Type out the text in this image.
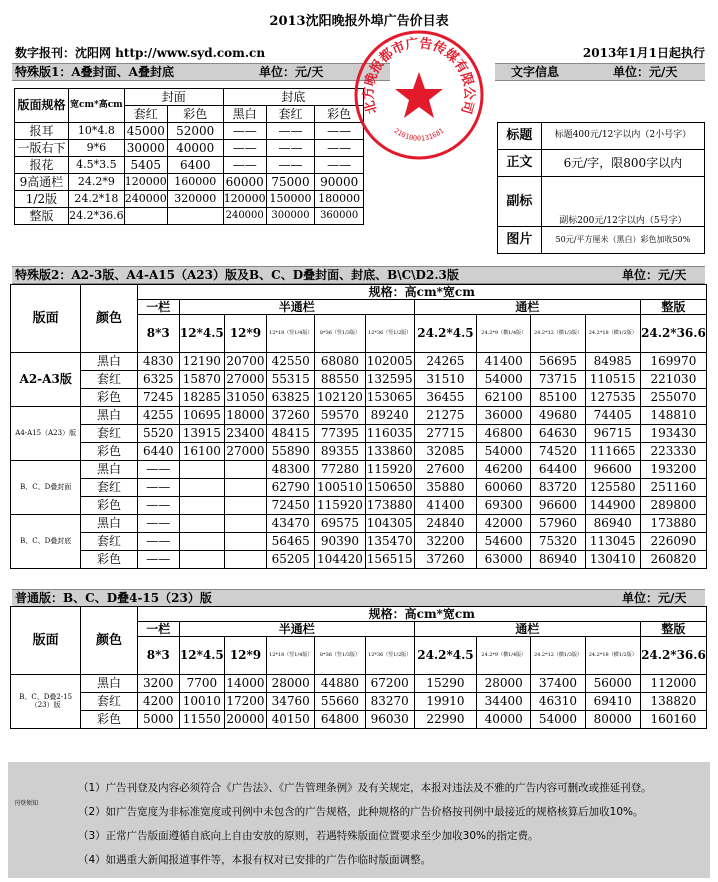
2013沈阳晚报外埠广告价目表
数字报刊：沈阳网 http://www.syd.com.cn	2013年1月1日起执行
特殊版1：A叠封面、A叠封底	单位：元/天	文字信息	单位：元/天
版面规格	宽cm*高cm	封面		封底		
		套红	彩色	黑白	套红	彩色
报耳	10*4.8	45000	52000	——	——	——
一版右下	9*6	30000	40000	——	——	——
报花	4.5*3.5	5405	6400	——	——	——
9高通栏	24.2*9	120000	160000	60000	75000	90000
1/2版	24.2*18	240000	320000	120000	150000	180000
整版	24.2*36.6			240000	300000	360000
标题	标题400元/12字以内（2小号字）
正文	6元/字，限800字以内
副标	副标200元/12字以内（5号字）
图片	50元/平方厘米（黑白）彩色加收50%
北方晚报都市广告传媒有限公司
2101000131681
特殊版2：A2-3版、A4-A15（A23）版及B、C、D叠封面、封底、B\C\D2.3版	单位：元/天
版面	颜色	规格：高cm*宽cm										
		一栏	半通栏					通栏				整版
		8*3	12*4.5	12*9	12*18（竖1/4版）	8*36（竖1/3版）	12*36（竖1/2版）	24.2*4.5	24.2*9（横1/4版）	24.2*12（横1/3版）	24.2*18（横1/2版）	24.2*36.6
A2-A3版	黑白	4830	12190	20700	42550	68080	102005	24265	41400	56695	84985	169970
	套红	6325	15870	27000	55315	88550	132595	31510	54000	73715	110515	221030
	彩色	7245	18285	31050	63825	102120	153065	36455	62100	85100	127535	255070
A4-A15（A23）版	黑白	4255	10695	18000	37260	59570	89240	21275	36000	49680	74405	148810
	套红	5520	13915	23400	48415	77395	116035	27715	46800	64630	96715	193430
	彩色	6440	16100	27000	55890	89355	133860	32085	54000	74520	111665	223330
B、C、D叠封面	黑白	——			48300	77280	115920	27600	46200	64400	96600	193200
	套红	——			62790	100510	150650	35880	60060	83720	125580	251160
	彩色	——			72450	115920	173880	41400	69300	96600	144900	289800
B、C、D叠封底	黑白	——			43470	69575	104305	24840	42000	57960	86940	173880
	套红	——			56465	90390	135470	32200	54600	75320	113045	226090
	彩色	——			65205	104420	156515	37260	63000	86940	130410	260820
普通版：B、C、D叠4-15（23）版	单位：元/天
版面	颜色	规格：高cm*宽cm										
		一栏	半通栏					通栏				整版
		8*3	12*4.5	12*9	12*18（竖1/4版）	8*36（竖1/3版）	12*36（竖1/2版）	24.2*4.5	24.2*9（横1/4版）	24.2*12（横1/3版）	24.2*18（横1/2版）	24.2*36.6
B、C、D叠2-15（23）版	黑白	3200	7700	14000	28000	44880	67200	15290	28000	37400	56000	112000
	套红	4200	10010	17200	34760	55660	83270	19910	34400	46310	69410	138820
	彩色	5000	11550	20000	40150	64800	96030	22990	40000	54000	80000	160160
刊登须知
（1）广告刊登及内容必须符合《广告法》、《广告管理条例》及有关规定，本报对违法及不雅的广告内容可删改或推延刊登。
（2）如广告宽度为非标准宽度或刊例中未包含的广告规格，此种规格的广告价格按刊例中最接近的规格核算后加收10%。
（3）正常广告版面遵循自底向上自由安放的原则，若遇特殊版面位置要求至少加收30%的指定费。
（4）如遇重大新闻报道事件等，本报有权对已安排的广告作临时版面调整。
